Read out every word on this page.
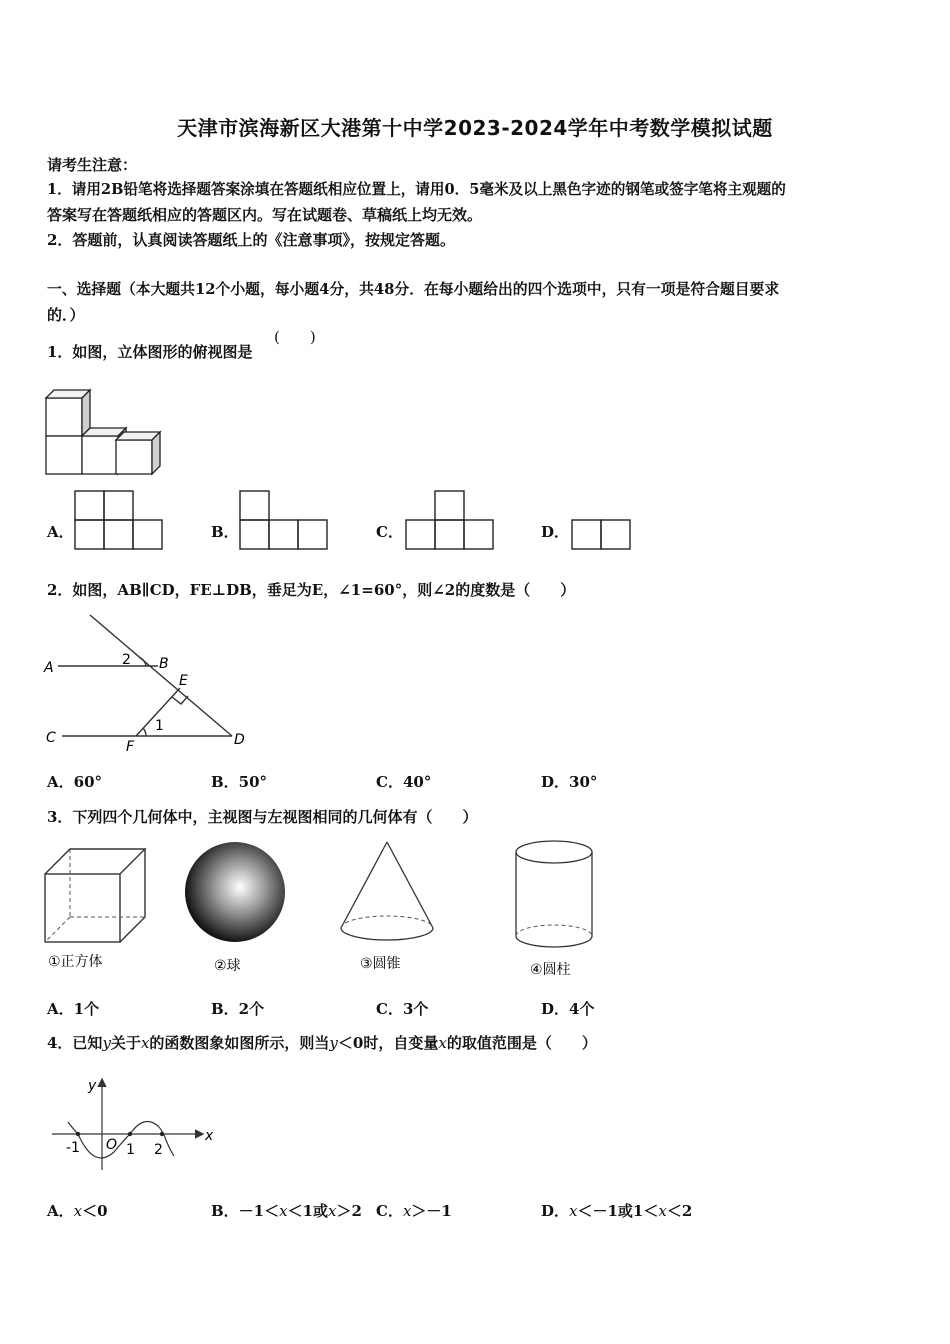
天津市滨海新区大港第十中学2023-2024学年中考数学模拟试题
请考生注意：
1．请用2B铅笔将选择题答案涂填在答题纸相应位置上，请用0．5毫米及以上黑色字迹的钢笔或签字笔将主观题的
答案写在答题纸相应的答题区内。写在试题卷、草稿纸上均无效。
2．答题前，认真阅读答题纸上的《注意事项》，按规定答题。
一、选择题（本大题共12个小题，每小题4分，共48分．在每小题给出的四个选项中，只有一项是符合题目要求
的．）
1．如图，立体图形的俯视图是
(　　)
A．	B．	C．	D．
2．如图，AB∥CD，FE⊥DB，垂足为E，∠1=60°，则∠2的度数是（　　）
A	B
C	D
E
F
1
2
A．60°	B．50°	C．40°	D．30°
3．下列四个几何体中，主视图与左视图相同的几何体有（　　）
①正方体	②球	③圆锥	④圆柱
A．1个	B．2个	C．3个	D．4个
4．已知y关于x的函数图象如图所示，则当y＜0时，自变量x的取值范围是（　　）
x
y
O
-1	1 2
A．x＜0	B．－1＜x＜1或x＞2 C．x＞－1	D．x＜－1或1＜x＜2
